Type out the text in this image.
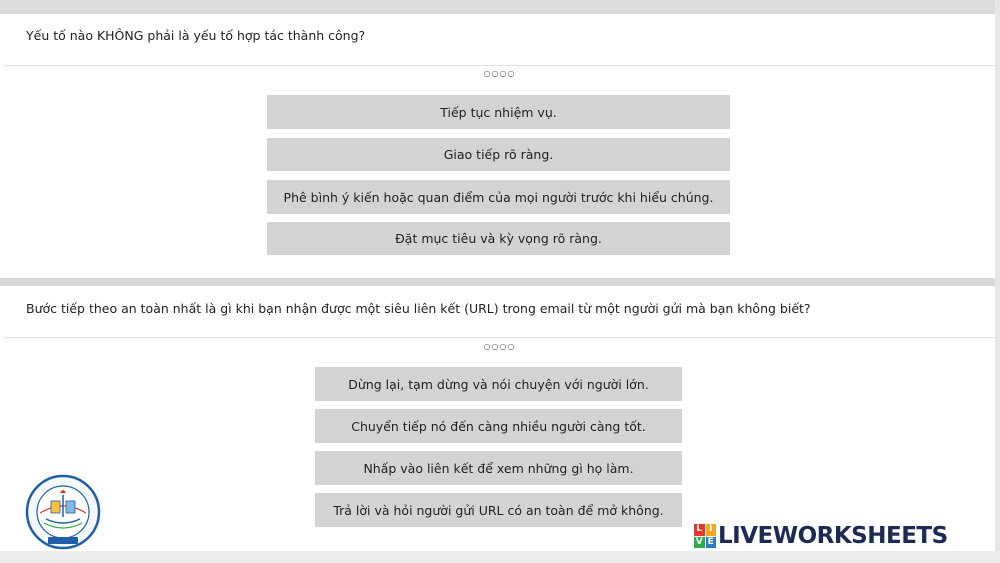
Yếu tố nào KHÔNG phải là yếu tố hợp tác thành công?
○○○○
Tiếp tục nhiệm vụ.
Giao tiếp rõ ràng.
Phê bình ý kiến hoặc quan điểm của mọi người trước khi hiểu chúng.
Đặt mục tiêu và kỳ vọng rõ ràng.
Bước tiếp theo an toàn nhất là gì khi bạn nhận được một siêu liên kết (URL) trong email từ một người gửi mà bạn không biết?
○○○○
Dừng lại, tạm dừng và nói chuyện với người lớn.
Chuyển tiếp nó đến càng nhiều người càng tốt.
Nhấp vào liên kết để xem những gì họ làm.
Trả lời và hỏi người gửi URL có an toàn để mở không.
L I
V E LIVEWORKSHEETS
